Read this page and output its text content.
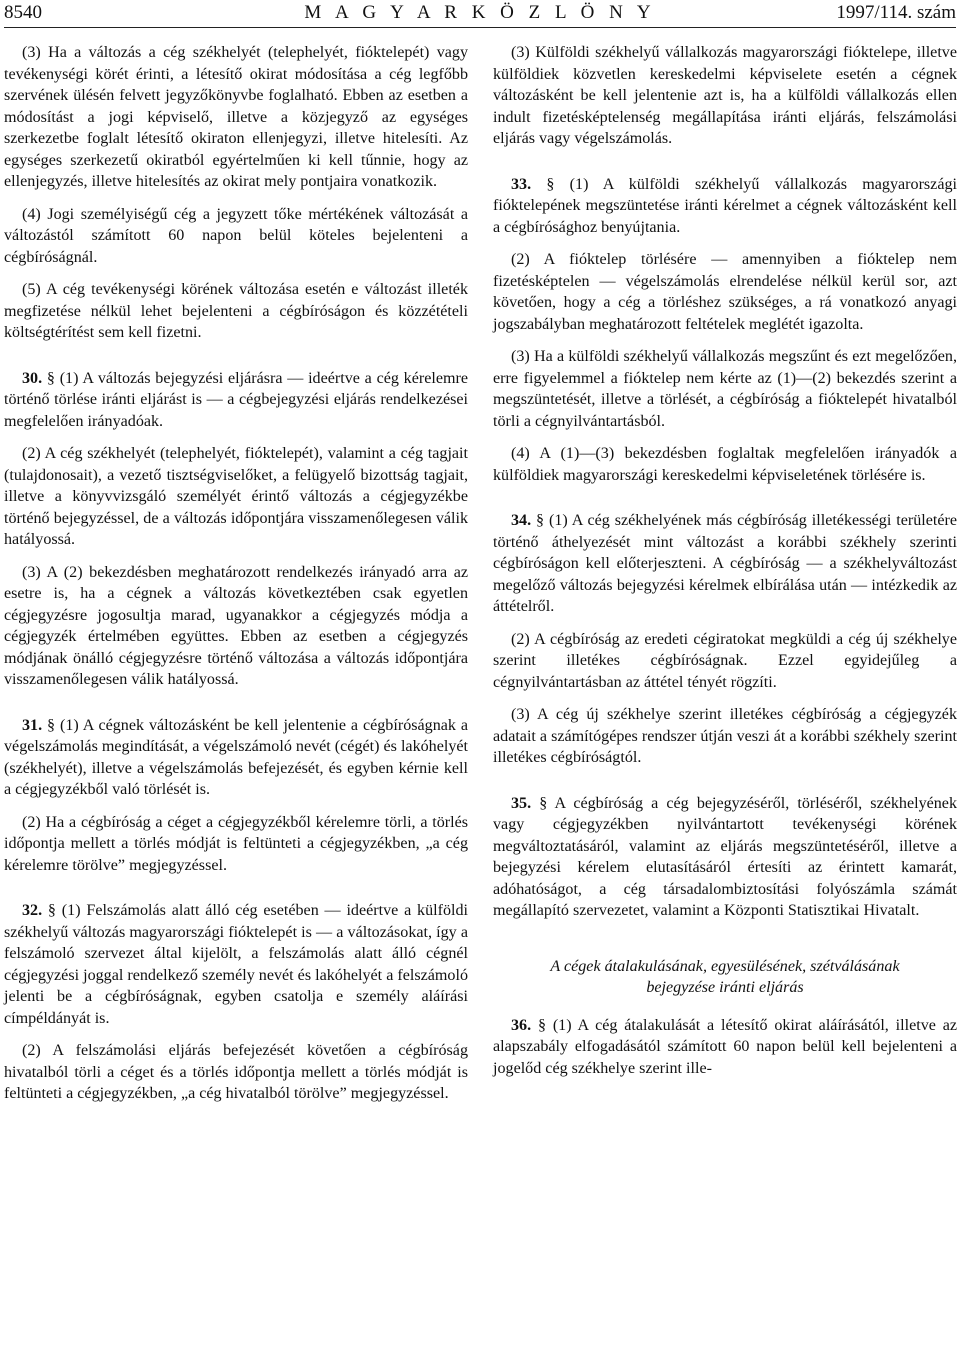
8540	M A G Y A R K Ö Z L Ö N Y	1997/114. szám

(3) Ha a változás a cég székhelyét (telephelyét, fióktelepét) vagy tevékenységi körét érinti, a létesítő okirat módosítása a cég legfőbb szervének ülésén felvett jegyzőkönyvbe foglalható. Ebben az esetben a módosítást a jogi képviselő, illetve a közjegyző az egységes szerkezetbe foglalt létesítő okiraton ellenjegyzi, illetve hitelesíti. Az egységes szerkezetű okiratból egyértelműen ki kell tűnnie, hogy az ellenjegyzés, illetve hitelesítés az okirat mely pontjaira vonatkozik.

(4) Jogi személyiségű cég a jegyzett tőke mértékének változását a változástól számított 60 napon belül köteles bejelenteni a cégbíróságnál.

(5) A cég tevékenységi körének változása esetén e változást illeték megfizetése nélkül lehet bejelenteni a cégbíróságon és közzétételi költségtérítést sem kell fizetni.

30. § (1) A változás bejegyzési eljárásra — ideértve a cég kérelemre történő törlése iránti eljárást is — a cégbejegyzési eljárás rendelkezései megfelelően irányadóak.

(2) A cég székhelyét (telephelyét, fióktelepét), valamint a cég tagjait (tulajdonosait), a vezető tisztségviselőket, a felügyelő bizottság tagjait, illetve a könyvvizsgáló személyét érintő változás a cégjegyzékbe történő bejegyzéssel, de a változás időpontjára visszamenőlegesen válik hatályossá.

(3) A (2) bekezdésben meghatározott rendelkezés irányadó arra az esetre is, ha a cégnek a változás következtében csak egyetlen cégjegyzésre jogosultja marad, ugyanakkor a cégjegyzés módja a cégjegyzék értelmében együttes. Ebben az esetben a cégjegyzés módjának önálló cégjegyzésre történő változása a változás időpontjára visszamenőlegesen válik hatályossá.

31. § (1) A cégnek változásként be kell jelentenie a cégbíróságnak a végelszámolás megindítását, a végelszámoló nevét (cégét) és lakóhelyét (székhelyét), illetve a végelszámolás befejezését, és egyben kérnie kell a cégjegyzékből való törlését is.

(2) Ha a cégbíróság a céget a cégjegyzékből kérelemre törli, a törlés időpontja mellett a törlés módját is feltünteti a cégjegyzékben, „a cég kérelemre törölve” megjegyzéssel.

32. § (1) Felszámolás alatt álló cég esetében — ideértve a külföldi székhelyű változás magyarországi fióktelepét is — a változásokat, így a felszámoló szervezet által kijelölt, a felszámolás alatt álló cégnél cégjegyzési joggal rendelkező személy nevét és lakóhelyét a felszámoló jelenti be a cégbíróságnak, egyben csatolja e személy aláírási címpéldányát is.

(2) A felszámolási eljárás befejezését követően a cégbíróság hivatalból törli a céget és a törlés időpontja mellett a törlés módját is feltünteti a cégjegyzékben, „a cég hivatalból törölve” megjegyzéssel.

(3) Külföldi székhelyű vállalkozás magyarországi fióktelepe, illetve külföldiek közvetlen kereskedelmi képviselete esetén a cégnek változásként be kell jelentenie azt is, ha a külföldi vállalkozás ellen indult fizetésképtelenség megállapítása iránti eljárás, felszámolási eljárás vagy végelszámolás.

33. § (1) A külföldi székhelyű vállalkozás magyarországi fióktelepének megszüntetése iránti kérelmet a cégnek változásként kell a cégbírósághoz benyújtania.

(2) A fióktelep törlésére — amennyiben a fióktelep nem fizetésképtelen — végelszámolás elrendelése nélkül kerül sor, azt követően, hogy a cég a törléshez szükséges, a rá vonatkozó anyagi jogszabályban meghatározott feltételek meglétét igazolta.

(3) Ha a külföldi székhelyű vállalkozás megszűnt és ezt megelőzően, erre figyelemmel a fióktelep nem kérte az (1)—(2) bekezdés szerint a megszüntetését, illetve a törlését, a cégbíróság a fióktelepét hivatalból törli a cégnyilvántartásból.

(4) A (1)—(3) bekezdésben foglaltak megfelelően irányadók a külföldiek magyarországi kereskedelmi képviseletének törlésére is.

34. § (1) A cég székhelyének más cégbíróság illetékességi területére történő áthelyezését mint változást a korábbi székhely szerinti cégbíróságon kell előterjeszteni. A cégbíróság — a székhelyváltozást megelőző változás bejegyzési kérelmek elbírálása után — intézkedik az áttételről.

(2) A cégbíróság az eredeti cégiratokat megküldi a cég új székhelye szerint illetékes cégbíróságnak. Ezzel egyidejűleg a cégnyilvántartásban az áttétel tényét rögzíti.

(3) A cég új székhelye szerint illetékes cégbíróság a cégjegyzék adatait a számítógépes rendszer útján veszi át a korábbi székhely szerint illetékes cégbíróságtól.

35. § A cégbíróság a cég bejegyzéséről, törléséről, székhelyének vagy cégjegyzékben nyilvántartott tevékenységi körének megváltoztatásáról, valamint az eljárás megszüntetéséről, illetve a bejegyzési kérelem elutasításáról értesíti az érintett kamarát, adóhatóságot, a cég társadalombiztosítási folyószámla számát megállapító szervezetet, valamint a Központi Statisztikai Hivatalt.

A cégek átalakulásának, egyesülésének, szétválásának
bejegyzése iránti eljárás

36. § (1) A cég átalakulását a létesítő okirat aláírásától, illetve az alapszabály elfogadásától számított 60 napon belül kell bejelenteni a jogelőd cég székhelye szerint ille-
